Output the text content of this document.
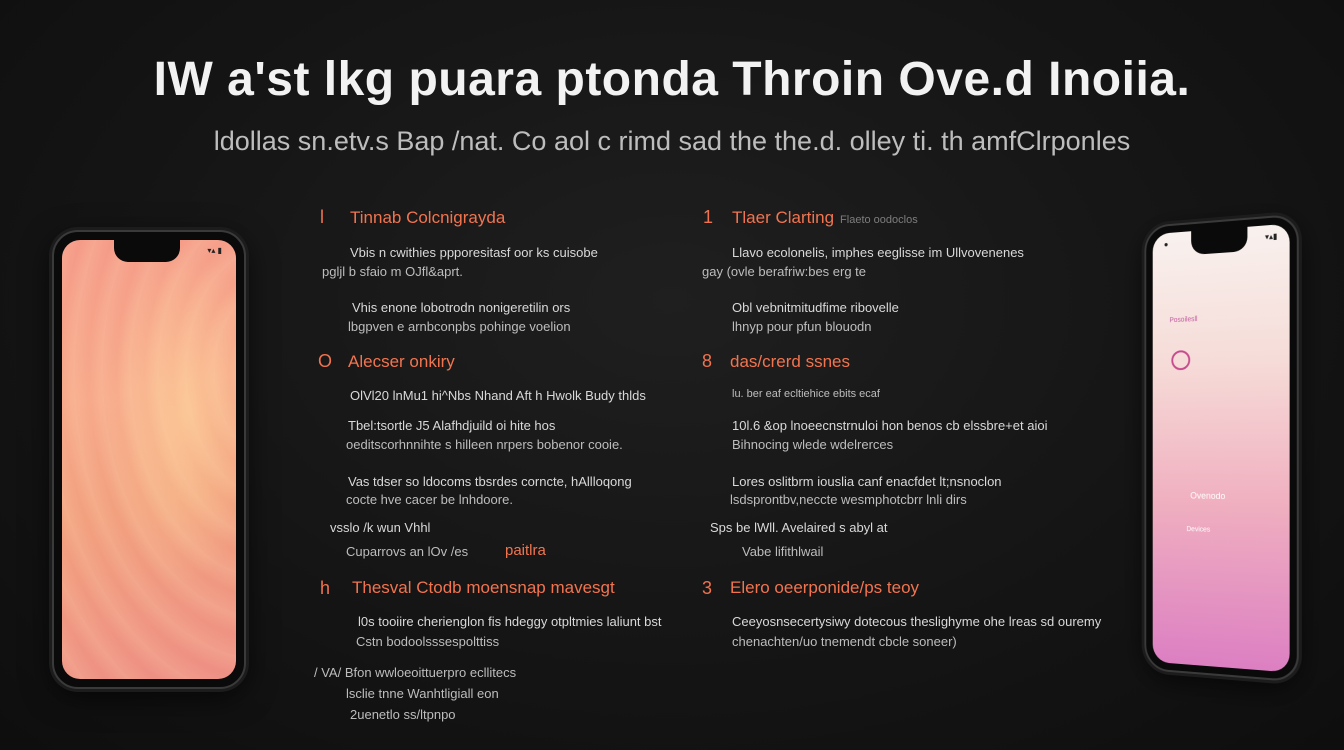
IW a'st lkg puara ptonda Throin Ove.d Inoiia.
ldollas sn.etv.s Bap /nat. Co aol c rimd sad the the.d. olley ti. th amfClrponles
▾▴ ▮
●
▾▴▮
Posoilesll
Ovenodo
Devices
l Tinnab Colcnigrayda
Vbis n cwithies ppporesitasf oor ks cuisobe
pgljl b sfaio m OJfl&aprt.
Vhis enone lobotrodn nonigeretilin ors
lbgpven e arnbconpbs pohinge voelion
O Alecser onkiry
OlVl20 lnMu1 hi^Nbs Nhand Aft h Hwolk Budy thlds
Tbel:tsortle J5 Alafhdjuild oi hite hos
oeditscorhnnihte s hilleen nrpers bobenor cooie.
Vas tdser so ldocoms tbsrdes corncte, hAllloqong
cocte hve cacer be lnhdoore.
vsslo /k wun Vhhl
Cuparrovs an lOv /es paitlra
h Thesval Ctodb moensnap mavesgt
l0s tooiire cherienglon fis hdeggy otpltmies laliunt bst
Cstn bodoolsssespolttiss
/ VA/ Bfon wwloeoittuerpro ecllitecs
lsclie tnne Wanhtligiall eon
2uenetlo ss/ltpnpo
1 Tlaer Clarting Flaeto oodoclos
Llavo ecolonelis, imphes eeglisse im Ullvovenenes
gay (ovle berafriw:bes erg te
Obl vebnitmitudfime ribovelle
lhnyp pour pfun blouodn
8 das/crerd ssnes
lu. ber eaf ecltiehice ebits ecaf
10l.6 &op lnoeecnstrnuloi hon benos cb elssbre+et aioi
Bihnocing wlede wdelrerces
Lores oslitbrm iouslia canf enacfdet lt;nsnoclon
lsdsprontbv,neccte wesmphotcbrr lnli dirs
Sps be lWll. Avelaired s abyl at
Vabe lifithlwail
3 Elero oeerponide/ps teoy
Ceeyosnsecertysiwy dotecous theslighyme ohe lreas sd ouremy
chenachten/uo tnemendt cbcle soneer)
